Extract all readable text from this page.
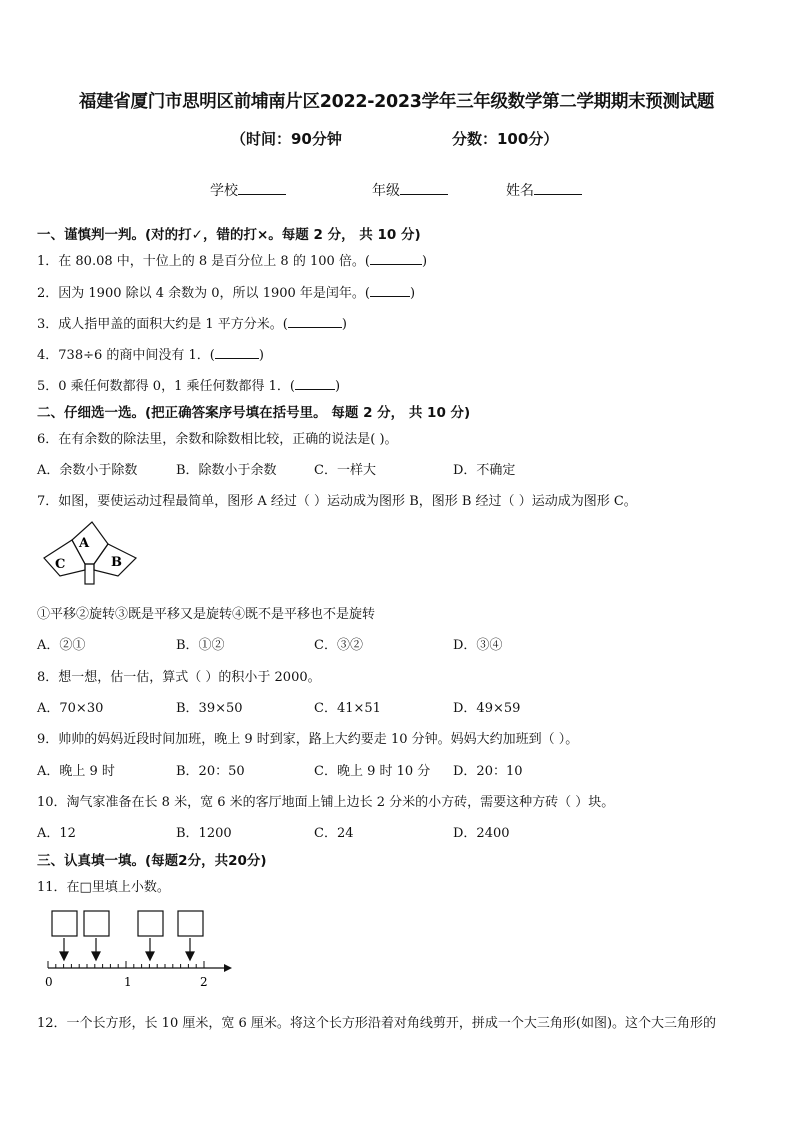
福建省厦门市思明区前埔南片区2022-2023学年三年级数学第二学期期末预测试题
（时间：90分钟	分数：100分）
学校	年级	姓名
一、谨慎判一判。(对的打✓，错的打×。每题 2 分， 共 10 分)
1．在 80.08 中，十位上的 8 是百分位上 8 的 100 倍。(	)
2．因为 1900 除以 4 余数为 0，所以 1900 年是闰年。(	)
3．成人指甲盖的面积大约是 1 平方分米。(	)
4．738÷6 的商中间没有 1．(	)
5．0 乘任何数都得 0，1 乘任何数都得 1．(	)
二、仔细选一选。(把正确答案序号填在括号里。 每题 2 分， 共 10 分)
6．在有余数的除法里，余数和除数相比较，正确的说法是( )。
A．余数小于除数	B．除数小于余数	C．一样大	D．不确定
7．如图，要使运动过程最简单，图形 A 经过（ ）运动成为图形 B，图形 B 经过（ ）运动成为图形 C。
A
B
C
①平移②旋转③既是平移又是旋转④既不是平移也不是旋转
A．②①	B．①②	C．③②	D．③④
8．想一想，估一估，算式（ ）的积小于 2000。
A．70×30	B．39×50	C．41×51	D．49×59
9．帅帅的妈妈近段时间加班，晚上 9 时到家，路上大约要走 10 分钟。妈妈大约加班到（ ）。
A．晚上 9 时	B．20：50	C．晚上 9 时 10 分 D．20：10
10．淘气家准备在长 8 米，宽 6 米的客厅地面上铺上边长 2 分米的小方砖，需要这种方砖（ ）块。
A．12	B．1200	C．24	D．2400
三、认真填一填。(每题2分，共20分)
11．在□里填上小数。
0	1	2
12．一个长方形，长 10 厘米，宽 6 厘米。将这个长方形沿着对角线剪开，拼成一个大三角形(如图)。这个大三角形的
